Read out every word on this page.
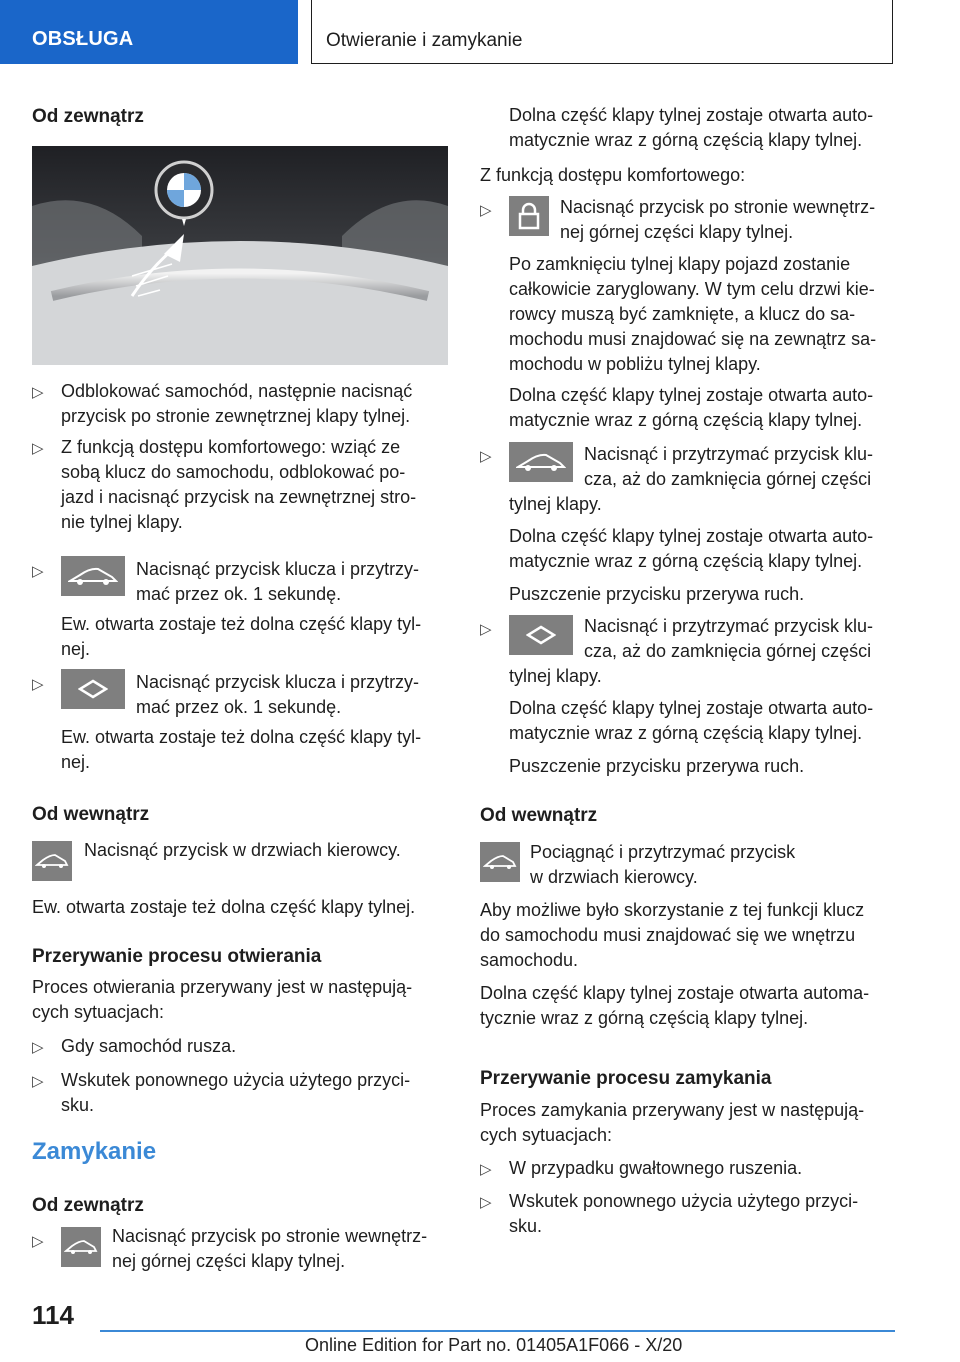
OBSŁUGA	Otwieranie i zamykanie
Od zewnątrz
▷ Odblokować samochód, następnie nacisnąć
przycisk po stronie zewnętrznej klapy tylnej.
▷ Z funkcją dostępu komfortowego: wziąć ze
sobą klucz do samochodu, odblokować po-
jazd i nacisnąć przycisk na zewnętrznej stro-
nie tylnej klapy.
▷	Nacisnąć przycisk klucza i przytrzy-
mać przez ok. 1 sekundę.
Ew. otwarta zostaje też dolna część klapy tyl-
nej.
▷	Nacisnąć przycisk klucza i przytrzy-
mać przez ok. 1 sekundę.
Ew. otwarta zostaje też dolna część klapy tyl-
nej.
Od wewnątrz
Nacisnąć przycisk w drzwiach kierowcy.
Ew. otwarta zostaje też dolna część klapy tylnej.
Przerywanie procesu otwierania
Proces otwierania przerywany jest w następują-
cych sytuacjach:
▷ Gdy samochód rusza.
▷ Wskutek ponownego użycia użytego przyci-
sku.
Zamykanie
Od zewnątrz
▷	Nacisnąć przycisk po stronie wewnętrz-
nej górnej części klapy tylnej.
Dolna część klapy tylnej zostaje otwarta auto-
matycznie wraz z górną częścią klapy tylnej.
Z funkcją dostępu komfortowego:
▷	Nacisnąć przycisk po stronie wewnętrz-
nej górnej części klapy tylnej.
Po zamknięciu tylnej klapy pojazd zostanie
całkowicie zaryglowany. W tym celu drzwi kie-
rowcy muszą być zamknięte, a klucz do sa-
mochodu musi znajdować się na zewnątrz sa-
mochodu w pobliżu tylnej klapy.
Dolna część klapy tylnej zostaje otwarta auto-
matycznie wraz z górną częścią klapy tylnej.
▷	Nacisnąć i przytrzymać przycisk klu-
cza, aż do zamknięcia górnej części
tylnej klapy.
Dolna część klapy tylnej zostaje otwarta auto-
matycznie wraz z górną częścią klapy tylnej.
Puszczenie przycisku przerywa ruch.
▷	Nacisnąć i przytrzymać przycisk klu-
cza, aż do zamknięcia górnej części
tylnej klapy.
Dolna część klapy tylnej zostaje otwarta auto-
matycznie wraz z górną częścią klapy tylnej.
Puszczenie przycisku przerywa ruch.
Od wewnątrz
Pociągnąć i przytrzymać przycisk
w drzwiach kierowcy.
Aby możliwe było skorzystanie z tej funkcji klucz
do samochodu musi znajdować się we wnętrzu
samochodu.
Dolna część klapy tylnej zostaje otwarta automa-
tycznie wraz z górną częścią klapy tylnej.
Przerywanie procesu zamykania
Proces zamykania przerywany jest w następują-
cych sytuacjach:
▷ W przypadku gwałtownego ruszenia.
▷ Wskutek ponownego użycia użytego przyci-
sku.
114
Online Edition for Part no. 01405A1F066 - X/20
